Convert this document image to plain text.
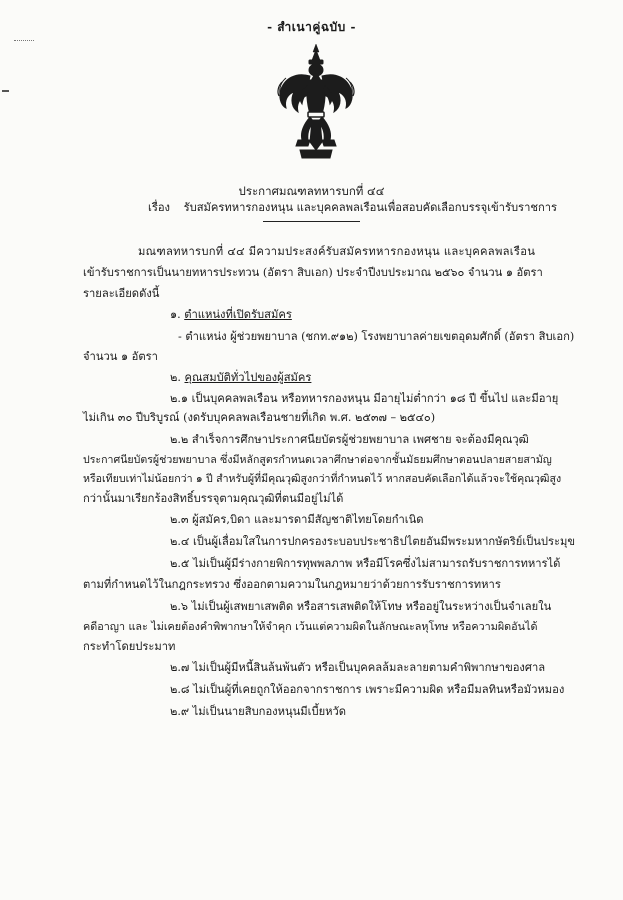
- สำเนาคู่ฉบับ -
ประกาศมณฑลทหารบกที่ ๔๔
เรื่อง รับสมัครทหารกองหนุน และบุคคลพลเรือนเพื่อสอบคัดเลือกบรรจุเข้ารับราชการ
มณฑลทหารบกที่ ๔๔ มีความประสงค์รับสมัครทหารกองหนุน และบุคคลพลเรือน
เข้ารับราชการเป็นนายทหารประทวน (อัตรา สิบเอก) ประจำปีงบประมาณ ๒๕๖๐ จำนวน ๑ อัตรา
รายละเอียดดังนี้
๑. ตำแหน่งที่เปิดรับสมัคร
- ตำแหน่ง ผู้ช่วยพยาบาล (ชกท.๙๑๒) โรงพยาบาลค่ายเขตอุดมศักดิ์ (อัตรา สิบเอก)
จำนวน ๑ อัตรา
๒. คุณสมบัติทั่วไปของผู้สมัคร
๒.๑ เป็นบุคคลพลเรือน หรือทหารกองหนุน มีอายุไม่ต่ำกว่า ๑๘ ปี ขึ้นไป และมีอายุ
ไม่เกิน ๓๐ ปีบริบูรณ์ (งดรับบุคคลพลเรือนชายที่เกิด พ.ศ. ๒๕๓๗ – ๒๕๔๐)
๒.๒ สำเร็จการศึกษาประกาศนียบัตรผู้ช่วยพยาบาล เพศชาย จะต้องมีคุณวุฒิ
ประกาศนียบัตรผู้ช่วยพยาบาล ซึ่งมีหลักสูตรกำหนดเวลาศึกษาต่อจากชั้นมัธยมศึกษาตอนปลายสายสามัญ
หรือเทียบเท่าไม่น้อยกว่า ๑ ปี สำหรับผู้ที่มีคุณวุฒิสูงกว่าที่กำหนดไว้ หากสอบคัดเลือกได้แล้วจะใช้คุณวุฒิสูง
กว่านั้นมาเรียกร้องสิทธิ์บรรจุตามคุณวุฒิที่ตนมีอยู่ไม่ได้
๒.๓ ผู้สมัคร,บิดา และมารดามีสัญชาติไทยโดยกำเนิด
๒.๔ เป็นผู้เลื่อมใสในการปกครองระบอบประชาธิปไตยอันมีพระมหากษัตริย์เป็นประมุข
๒.๕ ไม่เป็นผู้มีร่างกายพิการทุพพลภาพ หรือมีโรคซึ่งไม่สามารถรับราชการทหารได้
ตามที่กำหนดไว้ในกฎกระทรวง ซึ่งออกตามความในกฎหมายว่าด้วยการรับราชการทหาร
๒.๖ ไม่เป็นผู้เสพยาเสพติด หรือสารเสพติดให้โทษ หรืออยู่ในระหว่างเป็นจำเลยใน
คดีอาญา และ ไม่เคยต้องคำพิพากษาให้จำคุก เว้นแต่ความผิดในลักษณะลหุโทษ หรือความผิดอันได้
กระทำโดยประมาท
๒.๗ ไม่เป็นผู้มีหนี้สินล้นพ้นตัว หรือเป็นบุคคลล้มละลายตามคำพิพากษาของศาล
๒.๘ ไม่เป็นผู้ที่เคยถูกให้ออกจากราชการ เพราะมีความผิด หรือมีมลทินหรือมัวหมอง
๒.๙ ไม่เป็นนายสิบกองหนุนมีเบี้ยหวัด
